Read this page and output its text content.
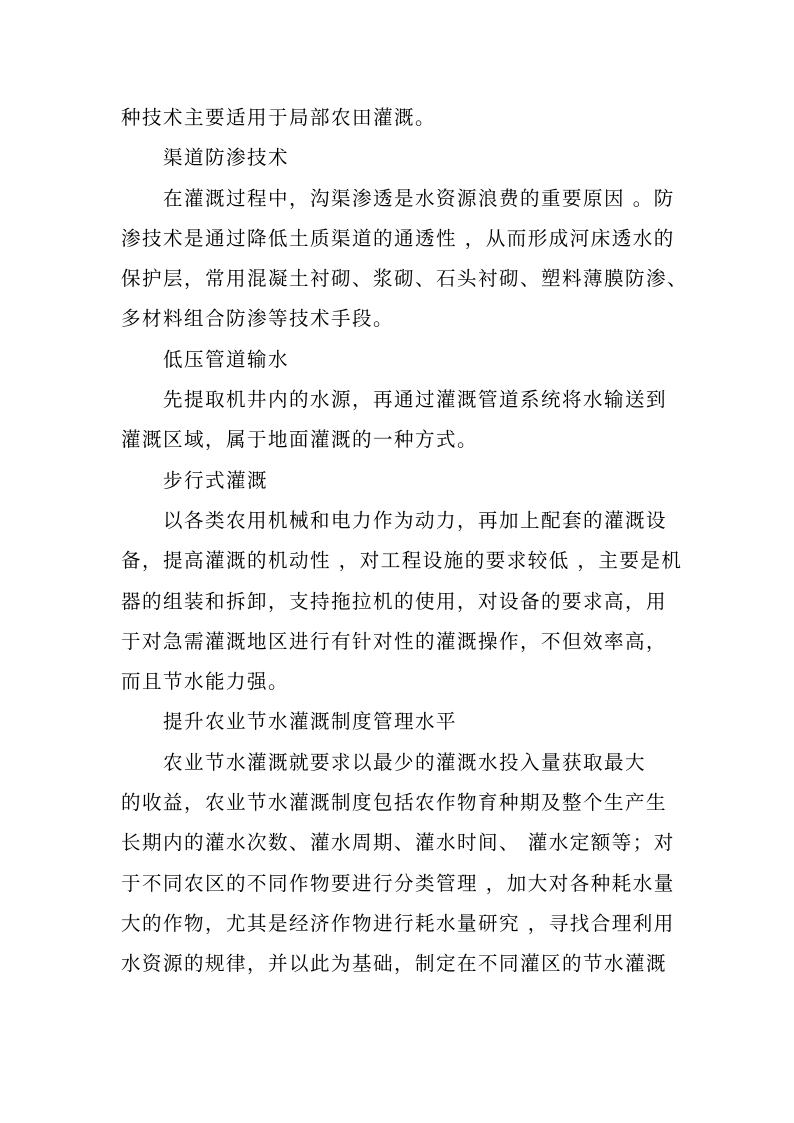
种技术主要适用于局部农田灌溉。

渠道防渗技术

在灌溉过程中，沟渠渗透是水资源浪费的重要原因 。防

渗技术是通过降低土质渠道的通透性 ，从而形成河床透水的

保护层，常用混凝土衬砌、浆砌、石头衬砌、塑料薄膜防渗、

多材料组合防渗等技术手段。

低压管道输水

先提取机井内的水源，再通过灌溉管道系统将水输送到

灌溉区域，属于地面灌溉的一种方式。

步行式灌溉

以各类农用机械和电力作为动力，再加上配套的灌溉设

备，提高灌溉的机动性 ，对工程设施的要求较低 ，主要是机

器的组装和拆卸，支持拖拉机的使用，对设备的要求高，用

于对急需灌溉地区进行有针对性的灌溉操作，不但效率高，

而且节水能力强。

提升农业节水灌溉制度管理水平

农业节水灌溉就要求以最少的灌溉水投入量获取最大

的收益，农业节水灌溉制度包括农作物育种期及整个生产生

长期内的灌水次数、灌水周期、灌水时间、 灌水定额等；对

于不同农区的不同作物要进行分类管理 ，加大对各种耗水量

大的作物，尤其是经济作物进行耗水量研究 ，寻找合理利用

水资源的规律，并以此为基础，制定在不同灌区的节水灌溉
